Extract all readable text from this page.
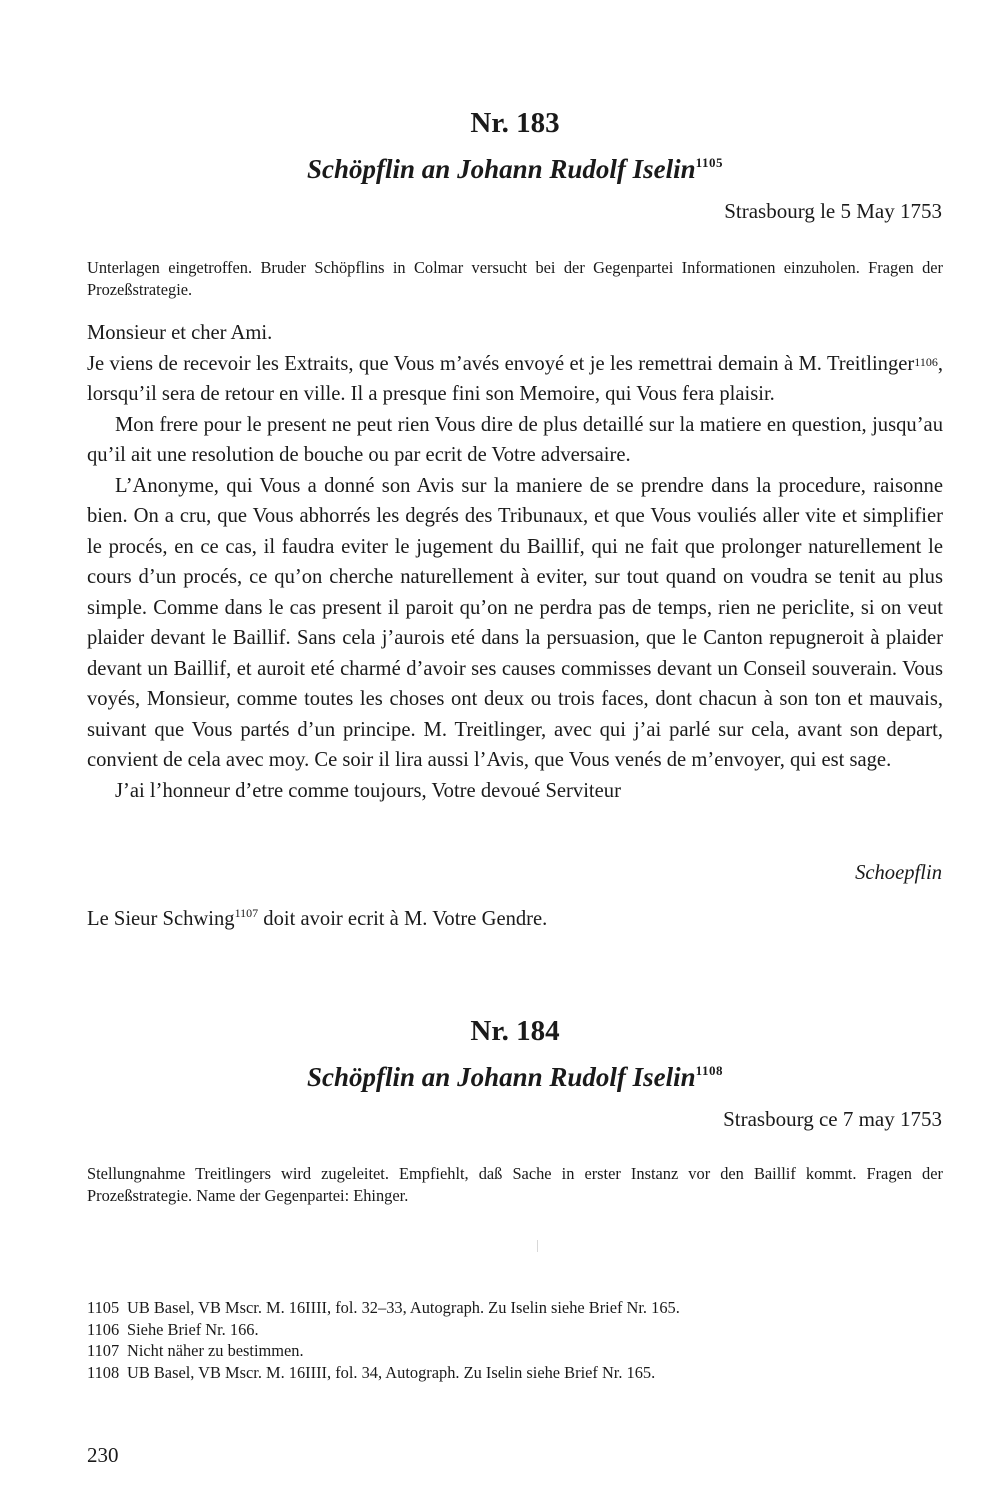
Nr. 183
Schöpflin an Johann Rudolf Iselin$^{1105}$

Strasbourg le 5 May 1753

Unterlagen eingetroffen. Bruder Schöpflins in Colmar versucht bei der Gegenpartei Informationen einzuholen. Fragen der Prozeßstrategie.

Monsieur et cher Ami.

Je viens de recevoir les Extraits, que Vous m’avés envoyé et je les remettrai demain à M. Treitlinger$^{1106}$, lorsqu’il sera de retour en ville. Il a presque fini son Memoire, qui Vous fera plaisir.

Mon frere pour le present ne peut rien Vous dire de plus detaillé sur la matiere en question, jusqu’au qu’il ait une resolution de bouche ou par ecrit de Votre adversaire.

L’Anonyme, qui Vous a donné son Avis sur la maniere de se prendre dans la procedure, raisonne bien. On a cru, que Vous abhorrés les degrés des Tribunaux, et que Vous vouliés aller vite et simplifier le procés, en ce cas, il faudra eviter le jugement du Baillif, qui ne fait que prolonger naturellement le cours d’un procés, ce qu’on cherche naturellement à eviter, sur tout quand on voudra se tenit au plus simple. Comme dans le cas present il paroit qu’on ne perdra pas de temps, rien ne periclite, si on veut plaider devant le Baillif. Sans cela j’aurois eté dans la persuasion, que le Canton repugneroit à plaider devant un Baillif, et auroit eté charmé d’avoir ses causes commisses devant un Conseil souverain. Vous voyés, Monsieur, comme toutes les choses ont deux ou trois faces, dont chacun à son ton et mauvais, suivant que Vous partés d’un principe. M. Treitlinger, avec qui j’ai parlé sur cela, avant son depart, convient de cela avec moy. Ce soir il lira aussi l’Avis, que Vous venés de m’envoyer, qui est sage.

J’ai l’honneur d’etre comme toujours, Votre devoué Serviteur

Schoepflin

Le Sieur Schwing$^{1107}$ doit avoir ecrit à M. Votre Gendre.

Nr. 184
Schöpflin an Johann Rudolf Iselin$^{1108}$

Strasbourg ce 7 may 1753

Stellungnahme Treitlingers wird zugeleitet. Empfiehlt, daß Sache in erster Instanz vor den Baillif kommt. Fragen der Prozeßstrategie. Name der Gegenpartei: Ehinger.

1105 UB Basel, VB Mscr. M. 16IIII, fol. 32–33, Autograph. Zu Iselin siehe Brief Nr. 165.

1106 Siehe Brief Nr. 166.

1107 Nicht näher zu bestimmen.

1108 UB Basel, VB Mscr. M. 16IIII, fol. 34, Autograph. Zu Iselin siehe Brief Nr. 165.

230
